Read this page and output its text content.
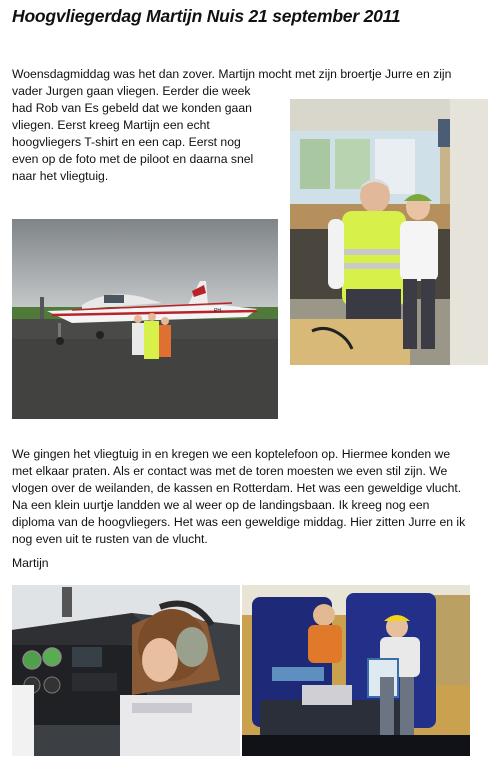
Hoogvliegerdag Martijn Nuis 21 september 2011
Woensdagmiddag was het dan zover. Martijn mocht met zijn broertje Jurre en zijn
vader Jurgen gaan vliegen. Eerder die week
had Rob van Es gebeld dat we konden gaan
vliegen. Eerst kreeg Martijn een echt
hoogvliegers T-shirt en een cap. Eerst nog
even op de foto met de piloot en daarna snel
naar het vliegtuig.
PH-
We gingen het vliegtuig in en kregen we een koptelefoon op. Hiermee konden we
met elkaar praten. Als er contact was met de toren moesten we even stil zijn. We
vlogen over de weilanden, de kassen en Rotterdam. Het was een geweldige vlucht.
Na een klein uurtje landden we al weer op de landingsbaan. Ik kreeg nog een
diploma van de hoogvliegers. Het was een geweldige middag. Hier zitten Jurre en ik
nog even uit te rusten van de vlucht.
Martijn
